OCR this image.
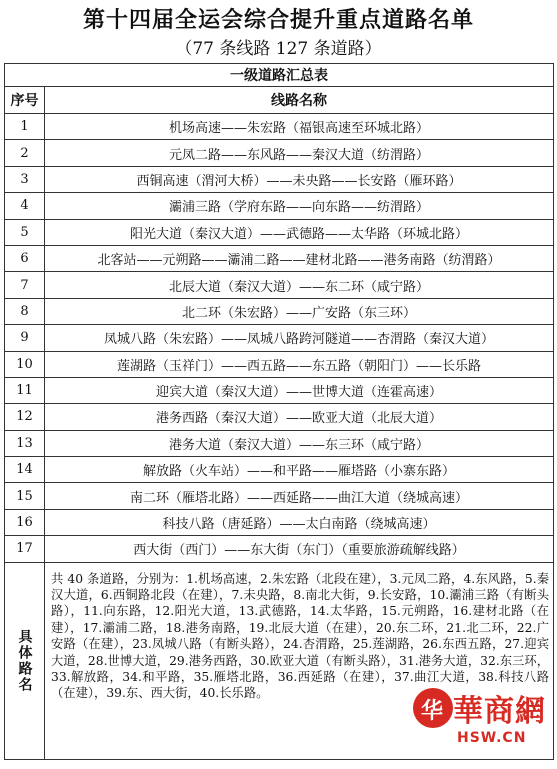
第十四届全运会综合提升重点道路名单
（77 条线路 127 条道路）
一级道路汇总表	
序号	线路名称
1	机场高速——朱宏路（福银高速至环城北路）
2	元凤二路——东风路——秦汉大道（纺渭路）
3	西铜高速（渭河大桥）——未央路——长安路（雁环路）
4	灞浦三路（学府东路——向东路——纺渭路）
5	阳光大道（秦汉大道）——武德路——太华路（环城北路）
6	北客站——元朔路——灞浦二路——建材北路——港务南路（纺渭路）
7	北辰大道（秦汉大道）——东二环（咸宁路）
8	北二环（朱宏路）——广安路（东三环）
9	凤城八路（朱宏路）——凤城八路跨河隧道——杏渭路（秦汉大道）
10	莲湖路（玉祥门）——西五路——东五路（朝阳门）——长乐路
11	迎宾大道（秦汉大道）——世博大道（连霍高速）
12	港务西路（秦汉大道）——欧亚大道（北辰大道）
13	港务大道（秦汉大道）——东三环（咸宁路）
14	解放路（火车站）——和平路——雁塔路（小寨东路）
15	南二环（雁塔北路）——西延路——曲江大道（绕城高速）
16	科技八路（唐延路）——太白南路（绕城高速）
17	西大街（西门）——东大街（东门）（重要旅游疏解线路）

具体路名	共 40 条道路，分别为：1.机场高速，2.朱宏路（北段在建），3.元凤二路，4.东风路，5.秦汉大道，6.西铜路北段（在建），7.未央路，8.南北大街，9.长安路，10.灞浦三路（有断头路），11.向东路，12.阳光大道，13.武德路，14.太华路，15.元朔路，16.建材北路（在建），17.灞浦二路，18.港务南路，19.北辰大道（在建），20.东二环，21.北二环，22.广安路（在建），23.凤城八路（有断头路），24.杏渭路，25.莲湖路，26.东西五路，27.迎宾大道，28.世博大道，29.港务西路，30.欧亚大道（有断头路），31.港务大道，32.东三环，33.解放路，34.和平路，35.雁塔北路，36.西延路（在建），37.曲江大道，38.科技八路（在建），39.东、西大街，40.长乐路。
华 華商網
HSW.CN
